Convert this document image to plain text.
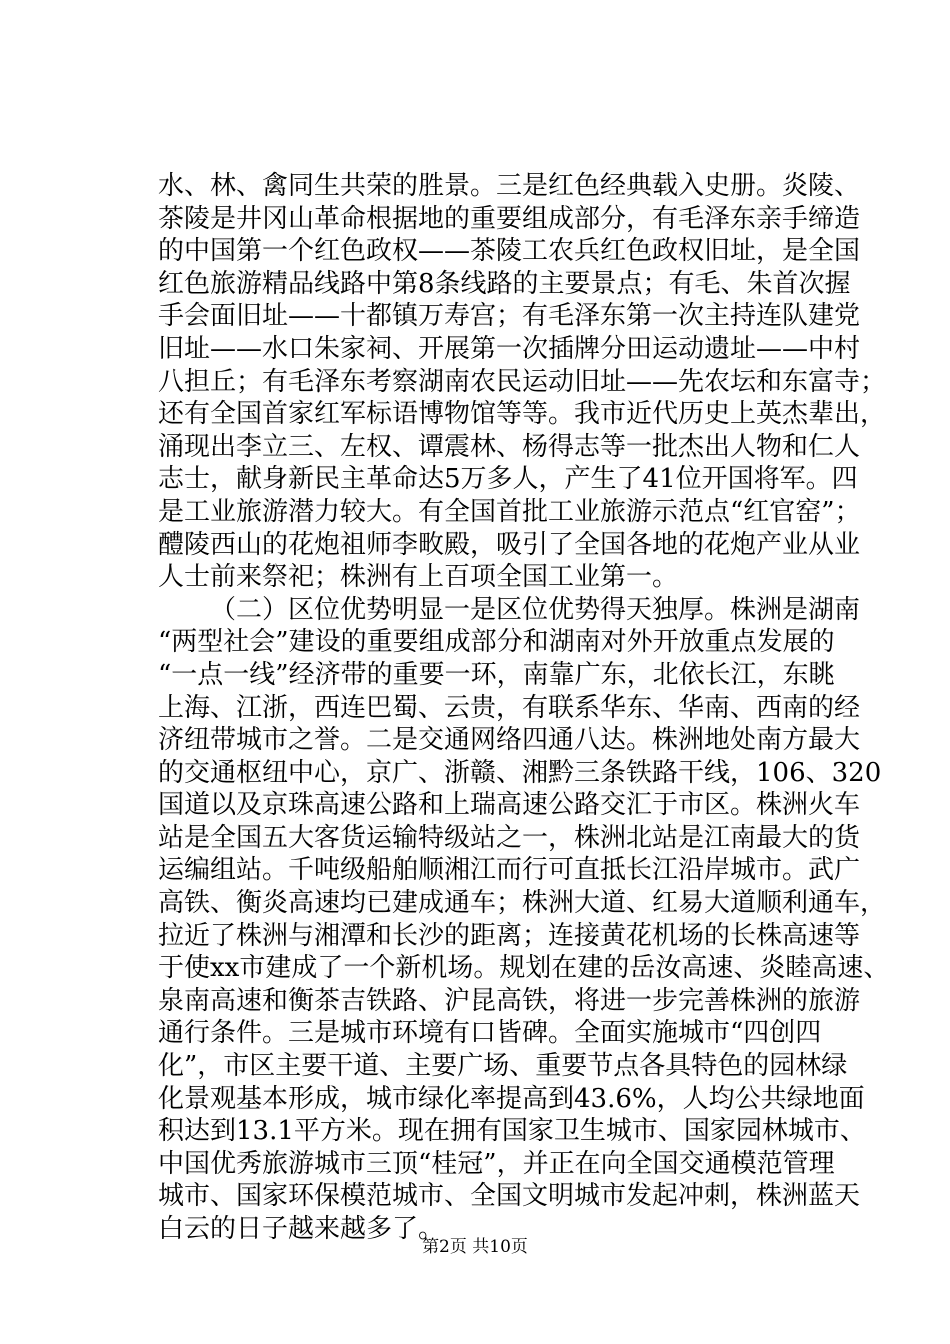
水、林、禽同生共荣的胜景。三是红色经典载入史册。炎陵、
茶陵是井冈山革命根据地的重要组成部分，有毛泽东亲手缔造
的中国第一个红色政权——茶陵工农兵红色政权旧址，是全国
红色旅游精品线路中第8条线路的主要景点；有毛、朱首次握
手会面旧址——十都镇万寿宫；有毛泽东第一次主持连队建党
旧址——水口朱家祠、开展第一次插牌分田运动遗址——中村
八担丘；有毛泽东考察湖南农民运动旧址——先农坛和东富寺；
还有全国首家红军标语博物馆等等。我市近代历史上英杰辈出，
涌现出李立三、左权、谭震林、杨得志等一批杰出人物和仁人
志士，献身新民主革命达5万多人，产生了41位开国将军。四
是工业旅游潜力较大。有全国首批工业旅游示范点“红官窑”；
醴陵西山的花炮祖师李畋殿，吸引了全国各地的花炮产业从业
人士前来祭祀；株洲有上百项全国工业第一。
（二）区位优势明显一是区位优势得天独厚。株洲是湖南
“两型社会”建设的重要组成部分和湖南对外开放重点发展的
“一点一线”经济带的重要一环，南靠广东，北依长江，东眺
上海、江浙，西连巴蜀、云贵，有联系华东、华南、西南的经
济纽带城市之誉。二是交通网络四通八达。株洲地处南方最大
的交通枢纽中心，京广、浙赣、湘黔三条铁路干线，106、320
国道以及京珠高速公路和上瑞高速公路交汇于市区。株洲火车
站是全国五大客货运输特级站之一，株洲北站是江南最大的货
运编组站。千吨级船舶顺湘江而行可直抵长江沿岸城市。武广
高铁、衡炎高速均已建成通车；株洲大道、红易大道顺利通车，
拉近了株洲与湘潭和长沙的距离；连接黄花机场的长株高速等
于使xx市建成了一个新机场。规划在建的岳汝高速、炎睦高速、
泉南高速和衡茶吉铁路、沪昆高铁，将进一步完善株洲的旅游
通行条件。三是城市环境有口皆碑。全面实施城市“四创四
化”，市区主要干道、主要广场、重要节点各具特色的园林绿
化景观基本形成，城市绿化率提高到43.6%，人均公共绿地面
积达到13.1平方米。现在拥有国家卫生城市、国家园林城市、
中国优秀旅游城市三顶“桂冠”，并正在向全国交通模范管理
城市、国家环保模范城市、全国文明城市发起冲刺，株洲蓝天
白云的日子越来越多了。
第2页 共10页
